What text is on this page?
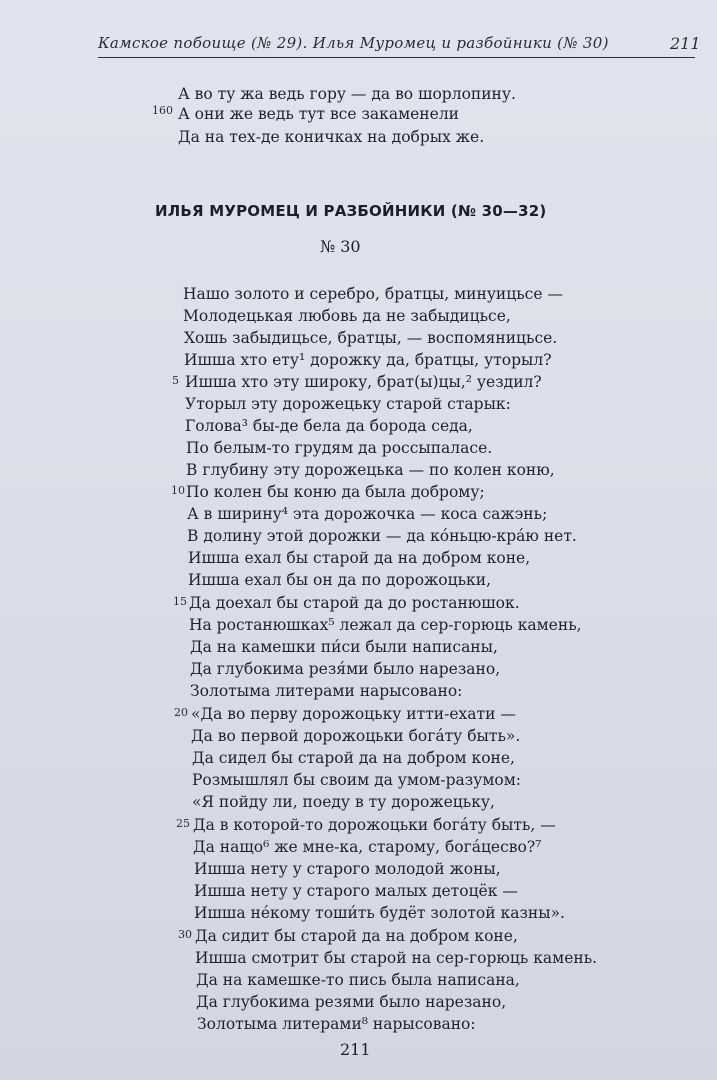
Камское побоище (№ 29). Илья Муромец и разбойники (№ 30)	211
А во ту жа ведь гору — да во шорлопину.
160 А они же ведь тут все закаменели
Да на тех-де коничках на добрых же.
ИЛЬЯ МУРОМЕЦ И РАЗБОЙНИКИ (№ 30—32)
№ 30
Нашо золото и серебро, братцы, минуицьсе —
Молодецькая любовь да не забыдицьсе,
Хошь забыдицьсе, братцы, — воспомяницьсе.
Ишша хто ету¹ дорожку да, братцы, уторыл?
5 Ишша хто эту широку, брат(ы)цы,² уездил?
Уторыл эту дорожецьку старой старык:
Голова³ бы-де бела да борода седа,
По белым-то грудям да россыпаласе.
В глубину эту дорожецька — по колен коню,
10 По колен бы коню да была доброму;
А в ширину⁴ эта дорожочка — коса сажэнь;
В долину этой дорожки — да ко́ньцю-кра́ю нет.
Ишша ехал бы старой да на добром коне,
Ишша ехал бы он да по дорожоцьки,
15 Да доехал бы старой да до ростанюшок.
На ростанюшках⁵ лежал да сер-горюць камень,
Да на камешки пи́си были написаны,
Да глубокима резя́ми было нарезано,
Золотыма литерами нарысовано:
20 «Да во перву дорожоцьку итти-ехати —
Да во первой дорожоцьки бога́ту быть».
Да сидел бы старой да на добром коне,
Розмышлял бы своим да умом-разумом:
«Я пойду ли, поеду в ту дорожецьку,
25 Да в которой-то дорожоцьки бога́ту быть, —
Да нащо⁶ же мне-ка, старому, бога́цесво?⁷
Ишша нету у старого молодой жоны,
Ишша нету у старого малых детоцёк —
Ишша не́кому тоши́ть будёт золотой казны».
30 Да сидит бы старой да на добром коне,
Ишша смотрит бы старой на сер-горюць камень.
Да на камешке-то пись была написана,
Да глубокима резями было нарезано,
Золотыма литерами⁸ нарысовано:
211
